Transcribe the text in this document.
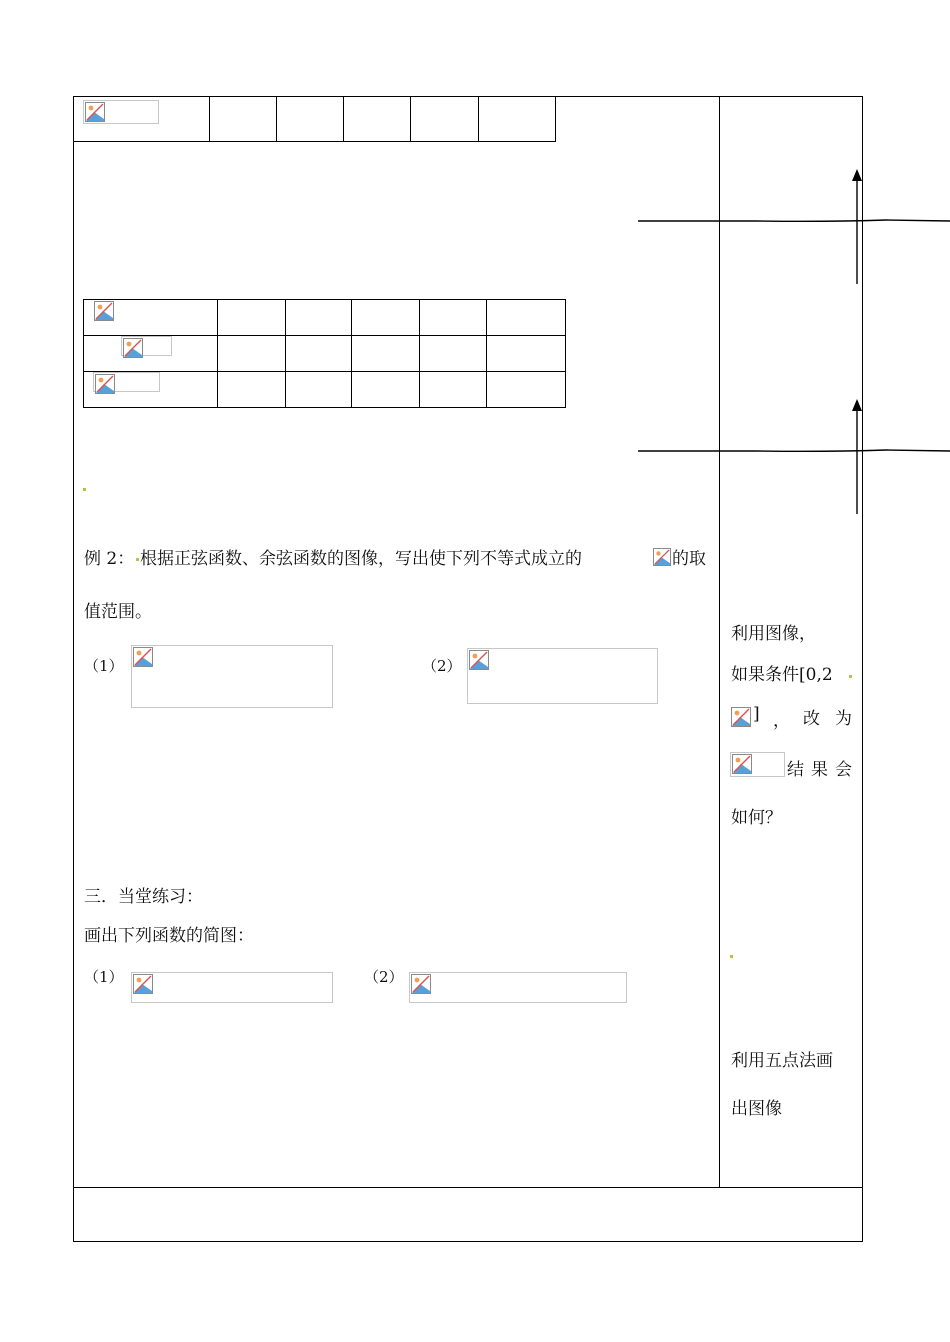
例 2： 根据正弦函数、余弦函数的图像，写出使下列不等式成立的	的取
值范围。
（1）	（2）
三．当堂练习：
画出下列函数的简图：
（1）	（2）
利用图像，
如果条件[0,2
] ， 改 为
结 果 会
如何？
利用五点法画
出图像
